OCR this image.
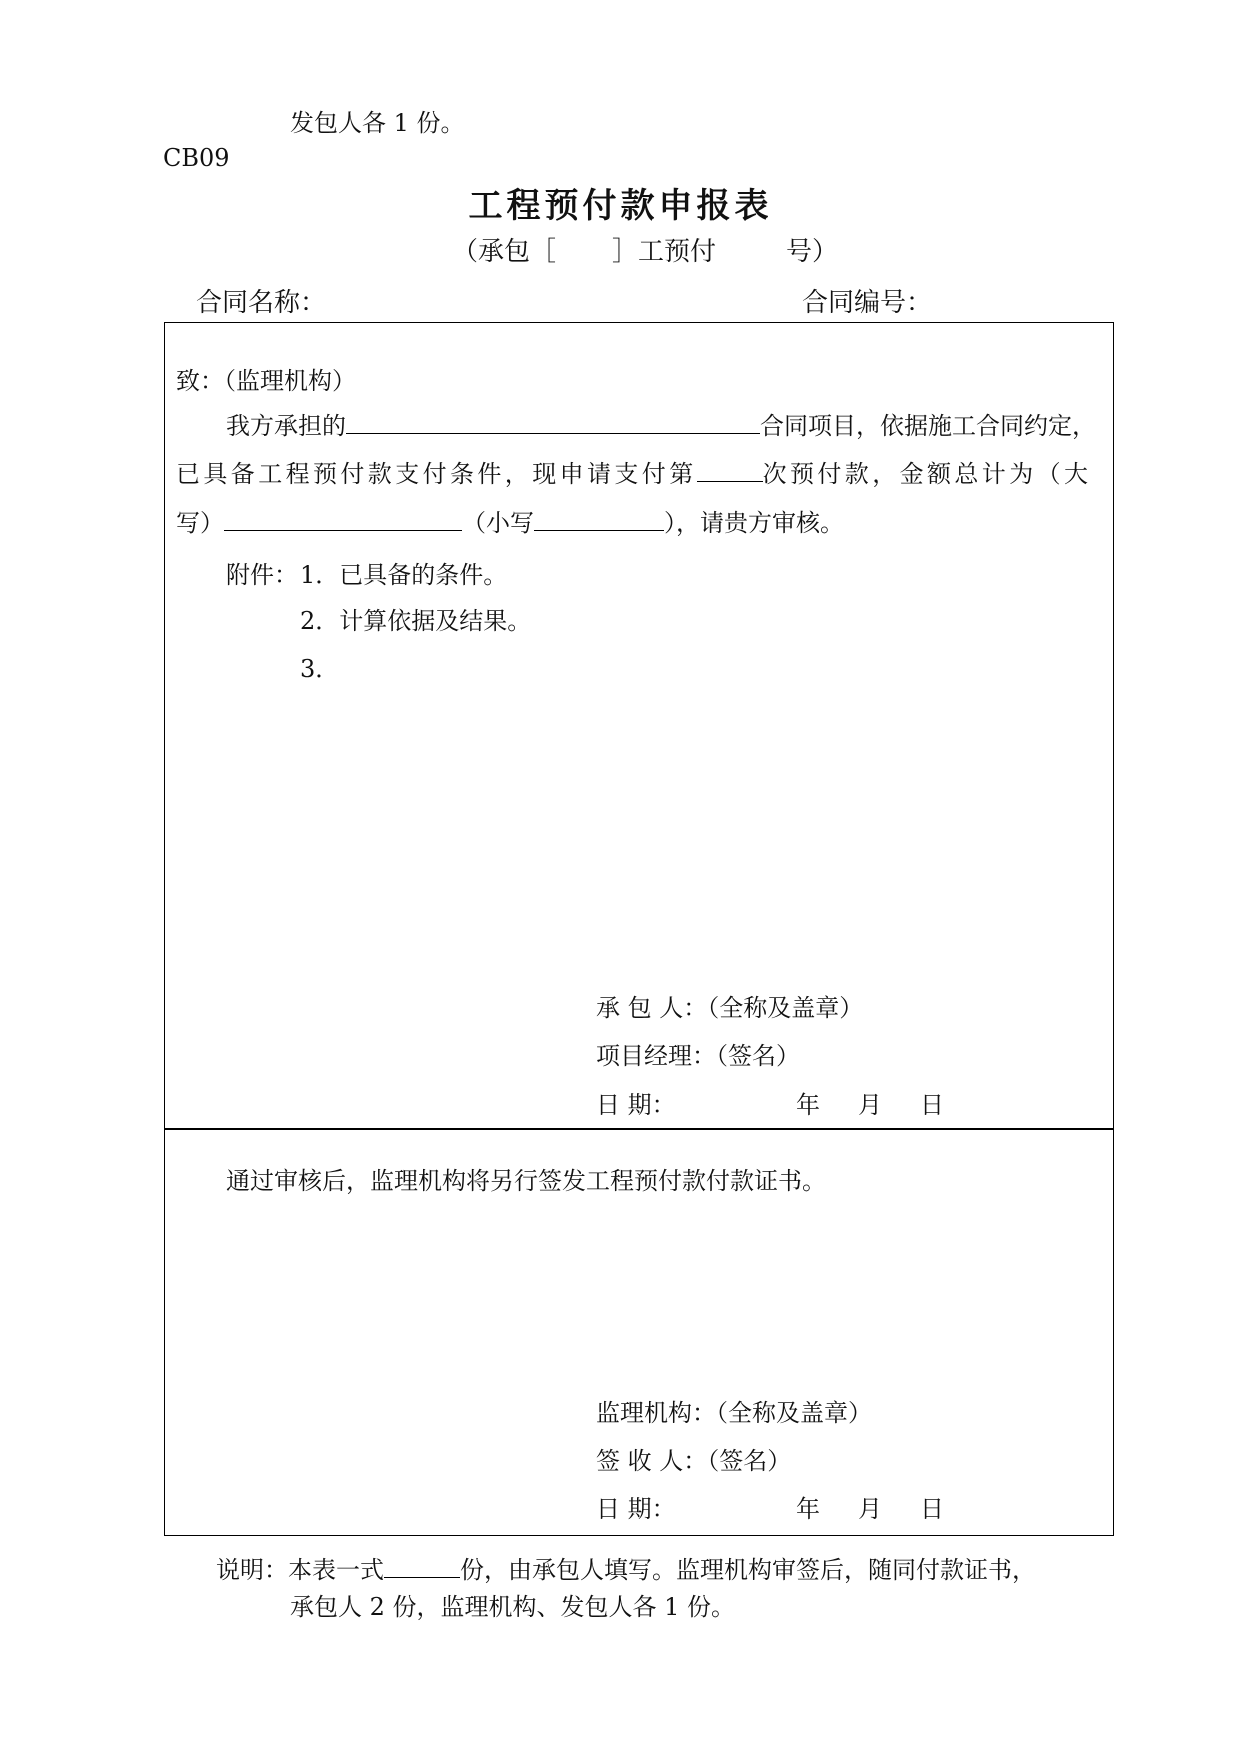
发包人各 1 份。
CB09
工程预付款申报表
（承包［ ］工预付	号）
合同名称：	合同编号：
致：（监理机构）
我方承担的	合同项目，依据施工合同约定，
已具备工程预付款支付条件，现申请支付第	次预付款，金额总计为（大
写）	（小写	），请贵方审核。
附件： 1．已具备的条件。
2．计算依据及结果。
3．
承 包 人：（全称及盖章）
项目经理：（签名）
日 期：	年 月 日
通过审核后，监理机构将另行签发工程预付款付款证书。
监理机构：（全称及盖章）
签 收 人：（签名）
日 期：	年 月 日
说明：本表一式	份，由承包人填写。监理机构审签后，随同付款证书，
承包人 2 份，监理机构、发包人各 1 份。
